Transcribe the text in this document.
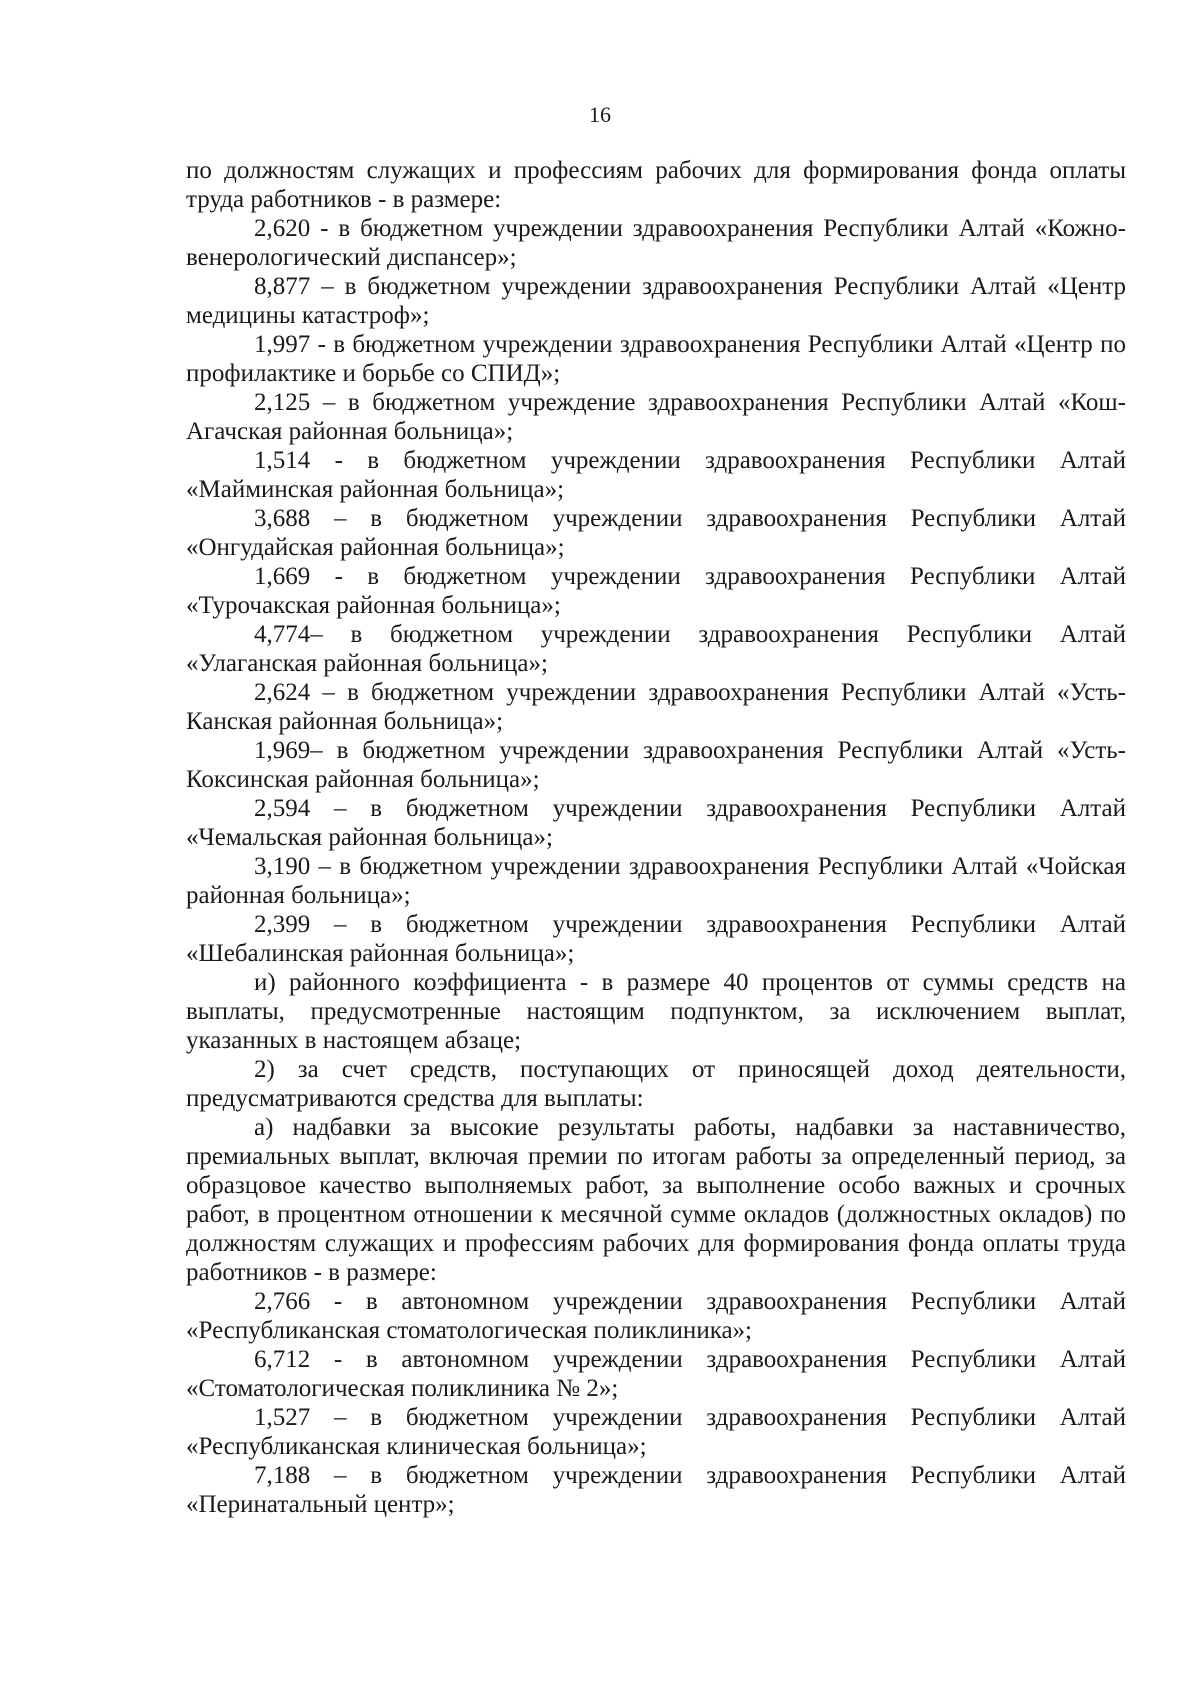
16

по должностям служащих и профессиям рабочих для формирования фонда оплаты труда работников - в размере:

2,620 - в бюджетном учреждении здравоохранения Республики Алтай «Кожно-венерологический диспансер»;

8,877 – в бюджетном учреждении здравоохранения Республики Алтай «Центр медицины катастроф»;

1,997 - в бюджетном учреждении здравоохранения Республики Алтай «Центр по профилактике и борьбе со СПИД»;

2,125 – в бюджетном учреждение здравоохранения Республики Алтай «Кош-Агачская районная больница»;

1,514 - в бюджетном учреждении здравоохранения Республики Алтай «Майминская районная больница»;

3,688 – в бюджетном учреждении здравоохранения Республики Алтай «Онгудайская районная больница»;

1,669 - в бюджетном учреждении здравоохранения Республики Алтай «Турочакская районная больница»;

4,774– в бюджетном учреждении здравоохранения Республики Алтай «Улаганская районная больница»;

2,624 – в бюджетном учреждении здравоохранения Республики Алтай «Усть-Канская районная больница»;

1,969– в бюджетном учреждении здравоохранения Республики Алтай «Усть-Коксинская районная больница»;

2,594 – в бюджетном учреждении здравоохранения Республики Алтай «Чемальская районная больница»;

3,190 – в бюджетном учреждении здравоохранения Республики Алтай «Чойская районная больница»;

2,399 – в бюджетном учреждении здравоохранения Республики Алтай «Шебалинская районная больница»;

и) районного коэффициента - в размере 40 процентов от суммы средств на выплаты, предусмотренные настоящим подпунктом, за исключением выплат, указанных в настоящем абзаце;

2) за счет средств, поступающих от приносящей доход деятельности, предусматриваются средства для выплаты:

а) надбавки за высокие результаты работы, надбавки за наставничество, премиальных выплат, включая премии по итогам работы за определенный период, за образцовое качество выполняемых работ, за выполнение особо важных и срочных работ, в процентном отношении к месячной сумме окладов (должностных окладов) по должностям служащих и профессиям рабочих для формирования фонда оплаты труда работников - в размере:

2,766 - в автономном учреждении здравоохранения Республики Алтай «Республиканская стоматологическая поликлиника»;

6,712 - в автономном учреждении здравоохранения Республики Алтай «Стоматологическая поликлиника № 2»;

1,527 – в бюджетном учреждении здравоохранения Республики Алтай «Республиканская клиническая больница»;

7,188 – в бюджетном учреждении здравоохранения Республики Алтай «Перинатальный центр»;
